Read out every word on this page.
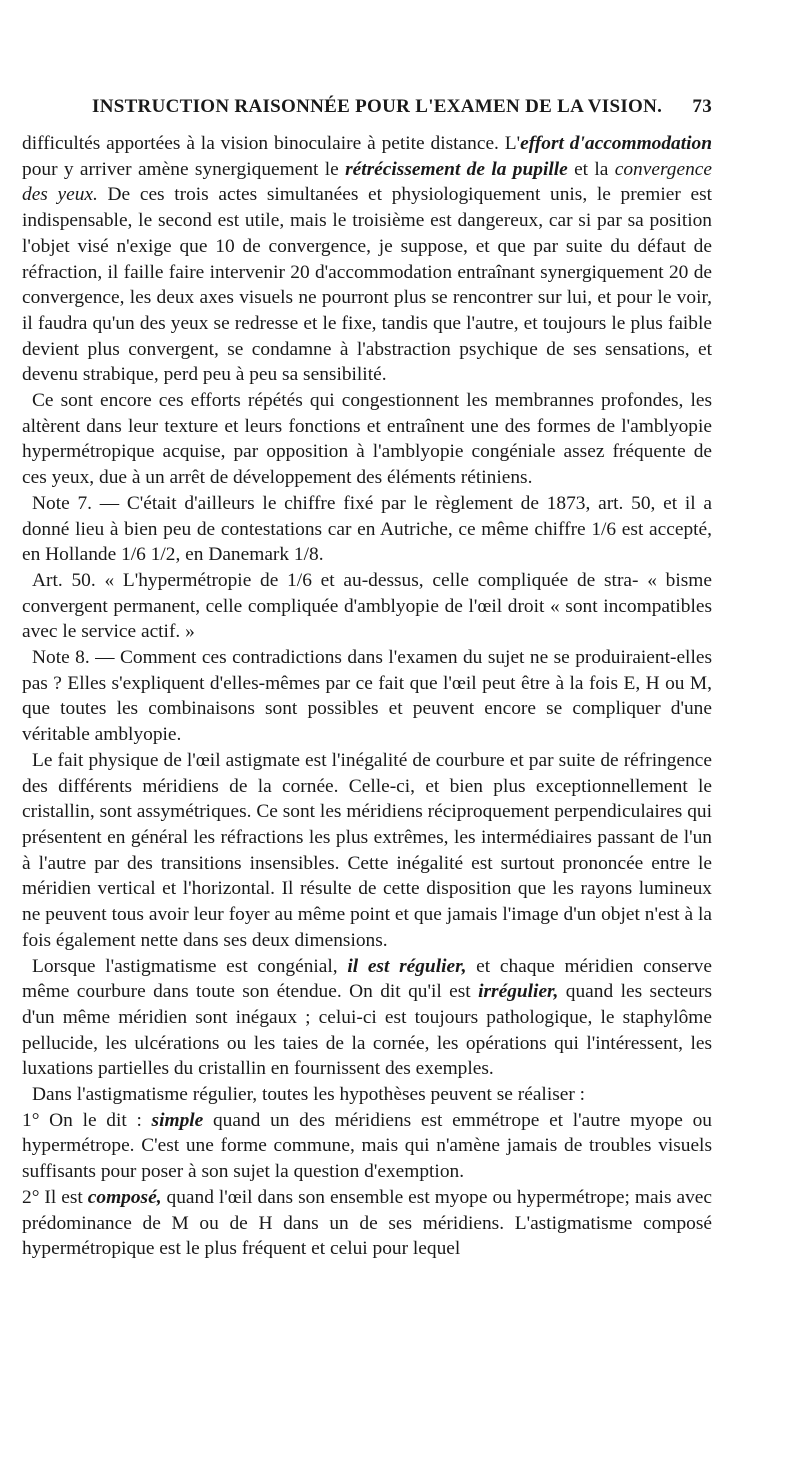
INSTRUCTION RAISONNÉE POUR L'EXAMEN DE LA VISION. 73

difficultés apportées à la vision binoculaire à petite distance. L'effort d'accommodation pour y arriver amène synergiquement le rétrécissement de la pupille et la convergence des yeux. De ces trois actes simultanées et physiologiquement unis, le premier est indispensable, le second est utile, mais le troisième est dangereux, car si par sa position l'objet visé n'exige que 10 de convergence, je suppose, et que par suite du défaut de réfraction, il faille faire intervenir 20 d'accommodation entraînant synergiquement 20 de convergence, les deux axes visuels ne pourront plus se rencontrer sur lui, et pour le voir, il faudra qu'un des yeux se redresse et le fixe, tandis que l'autre, et toujours le plus faible devient plus convergent, se condamne à l'abstraction psychique de ses sensations, et devenu strabique, perd peu à peu sa sensibilité.

Ce sont encore ces efforts répétés qui congestionnent les membrannes profondes, les altèrent dans leur texture et leurs fonctions et entraînent une des formes de l'amblyopie hypermétropique acquise, par opposition à l'amblyopie congéniale assez fréquente de ces yeux, due à un arrêt de développement des éléments rétiniens.

Note 7. — C'était d'ailleurs le chiffre fixé par le règlement de 1873, art. 50, et il a donné lieu à bien peu de contestations car en Autriche, ce même chiffre 1/6 est accepté, en Hollande 1/6 1/2, en Danemark 1/8.

Art. 50. « L'hypermétropie de 1/6 et au-dessus, celle compliquée de stra- « bisme convergent permanent, celle compliquée d'amblyopie de l'œil droit « sont incompatibles avec le service actif. »

Note 8. — Comment ces contradictions dans l'examen du sujet ne se produiraient-elles pas ? Elles s'expliquent d'elles-mêmes par ce fait que l'œil peut être à la fois E, H ou M, que toutes les combinaisons sont possibles et peuvent encore se compliquer d'une véritable amblyopie.

Le fait physique de l'œil astigmate est l'inégalité de courbure et par suite de réfringence des différents méridiens de la cornée. Celle-ci, et bien plus exceptionnellement le cristallin, sont assymétriques. Ce sont les méridiens réciproquement perpendiculaires qui présentent en général les réfractions les plus extrêmes, les intermédiaires passant de l'un à l'autre par des transitions insensibles. Cette inégalité est surtout prononcée entre le méridien vertical et l'horizontal. Il résulte de cette disposition que les rayons lumineux ne peuvent tous avoir leur foyer au même point et que jamais l'image d'un objet n'est à la fois également nette dans ses deux dimensions.

Lorsque l'astigmatisme est congénial, il est régulier, et chaque méridien conserve même courbure dans toute son étendue. On dit qu'il est irrégulier, quand les secteurs d'un même méridien sont inégaux ; celui-ci est toujours pathologique, le staphylôme pellucide, les ulcérations ou les taies de la cornée, les opérations qui l'intéressent, les luxations partielles du cristallin en fournissent des exemples.

Dans l'astigmatisme régulier, toutes les hypothèses peuvent se réaliser :

1° On le dit : simple quand un des méridiens est emmétrope et l'autre myope ou hypermétrope. C'est une forme commune, mais qui n'amène jamais de troubles visuels suffisants pour poser à son sujet la question d'exemption.

2° Il est composé, quand l'œil dans son ensemble est myope ou hypermétrope; mais avec prédominance de M ou de H dans un de ses méridiens. L'astigmatisme composé hypermétropique est le plus fréquent et celui pour lequel
